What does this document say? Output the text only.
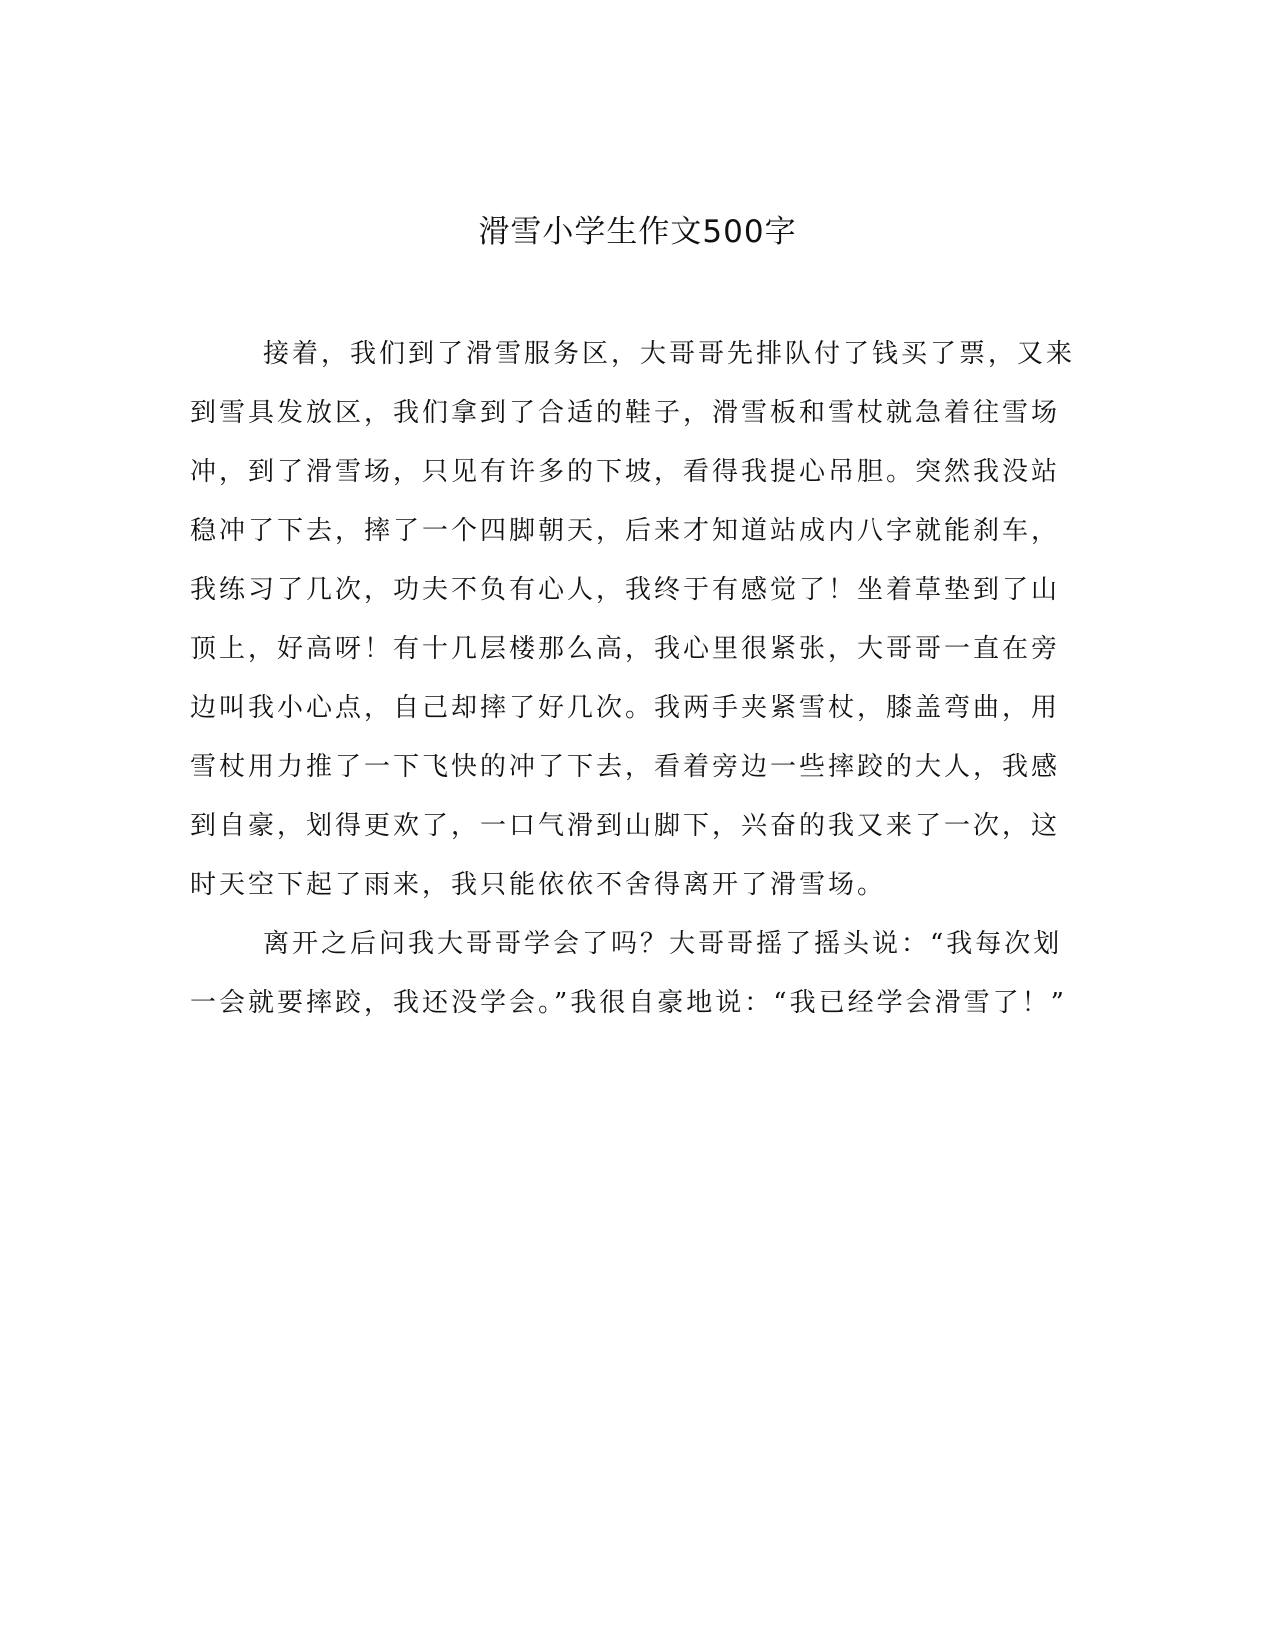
滑雪小学生作文500字
接着，我们到了滑雪服务区，大哥哥先排队付了钱买了票，又来
到雪具发放区，我们拿到了合适的鞋子，滑雪板和雪杖就急着往雪场
冲，到了滑雪场，只见有许多的下坡，看得我提心吊胆。突然我没站
稳冲了下去，摔了一个四脚朝天，后来才知道站成内八字就能刹车，
我练习了几次，功夫不负有心人，我终于有感觉了！坐着草垫到了山
顶上，好高呀！有十几层楼那么高，我心里很紧张，大哥哥一直在旁
边叫我小心点，自己却摔了好几次。我两手夹紧雪杖，膝盖弯曲，用
雪杖用力推了一下飞快的冲了下去，看着旁边一些摔跤的大人，我感
到自豪，划得更欢了，一口气滑到山脚下，兴奋的我又来了一次，这
时天空下起了雨来，我只能依依不舍得离开了滑雪场。
离开之后问我大哥哥学会了吗？大哥哥摇了摇头说：“我每次划
一会就要摔跤，我还没学会。”我很自豪地说：“我已经学会滑雪了！”
